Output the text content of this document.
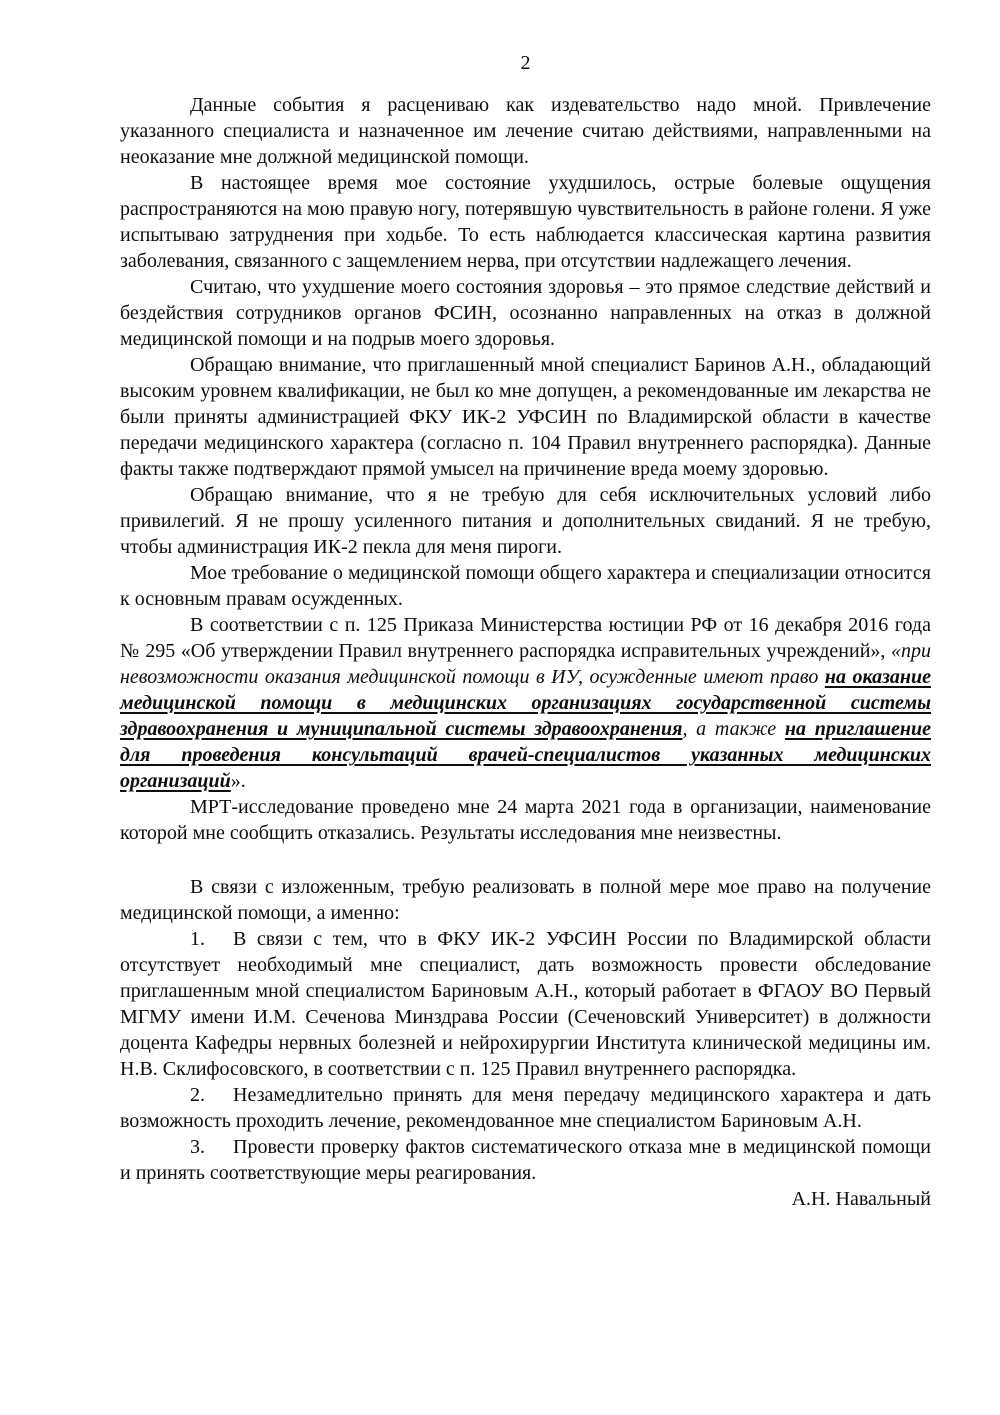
2

Данные события я расцениваю как издевательство надо мной. Привлечение указанного специалиста и назначенное им лечение считаю действиями, направленными на неоказание мне должной медицинской помощи.

В настоящее время мое состояние ухудшилось, острые болевые ощущения распространяются на мою правую ногу, потерявшую чувствительность в районе голени. Я уже испытываю затруднения при ходьбе. То есть наблюдается классическая картина развития заболевания, связанного с защемлением нерва, при отсутствии надлежащего лечения.

Считаю, что ухудшение моего состояния здоровья – это прямое следствие действий и бездействия сотрудников органов ФСИН, осознанно направленных на отказ в должной медицинской помощи и на подрыв моего здоровья.

Обращаю внимание, что приглашенный мной специалист Баринов А.Н., обладающий высоким уровнем квалификации, не был ко мне допущен, а рекомендованные им лекарства не были приняты администрацией ФКУ ИК-2 УФСИН по Владимирской области в качестве передачи медицинского характера (согласно п. 104 Правил внутреннего распорядка). Данные факты также подтверждают прямой умысел на причинение вреда моему здоровью.

Обращаю внимание, что я не требую для себя исключительных условий либо привилегий. Я не прошу усиленного питания и дополнительных свиданий. Я не требую, чтобы администрация ИК-2 пекла для меня пироги.

Мое требование о медицинской помощи общего характера и специализации относится к основным правам осужденных.

В соответствии с п. 125 Приказа Министерства юстиции РФ от 16 декабря 2016 года № 295 «Об утверждении Правил внутреннего распорядка исправительных учреждений», «при невозможности оказания медицинской помощи в ИУ, осужденные имеют право на оказание медицинской помощи в медицинских организациях государственной системы здравоохранения и муниципальной системы здравоохранения, а также на приглашение для проведения консультаций врачей-специалистов указанных медицинских организаций».

МРТ-исследование проведено мне 24 марта 2021 года в организации, наименование которой мне сообщить отказались. Результаты исследования мне неизвестны.

В связи с изложенным, требую реализовать в полной мере мое право на получение медицинской помощи, а именно:

1. В связи с тем, что в ФКУ ИК-2 УФСИН России по Владимирской области отсутствует необходимый мне специалист, дать возможность провести обследование приглашенным мной специалистом Бариновым А.Н., который работает в ФГАОУ ВО Первый МГМУ имени И.М. Сеченова Минздрава России (Сеченовский Университет) в должности доцента Кафедры нервных болезней и нейрохирургии Института клинической медицины им. Н.В. Склифосовского, в соответствии с п. 125 Правил внутреннего распорядка.

2. Незамедлительно принять для меня передачу медицинского характера и дать возможность проходить лечение, рекомендованное мне специалистом Бариновым А.Н.

3. Провести проверку фактов систематического отказа мне в медицинской помощи и принять соответствующие меры реагирования.

А.Н. Навальный
